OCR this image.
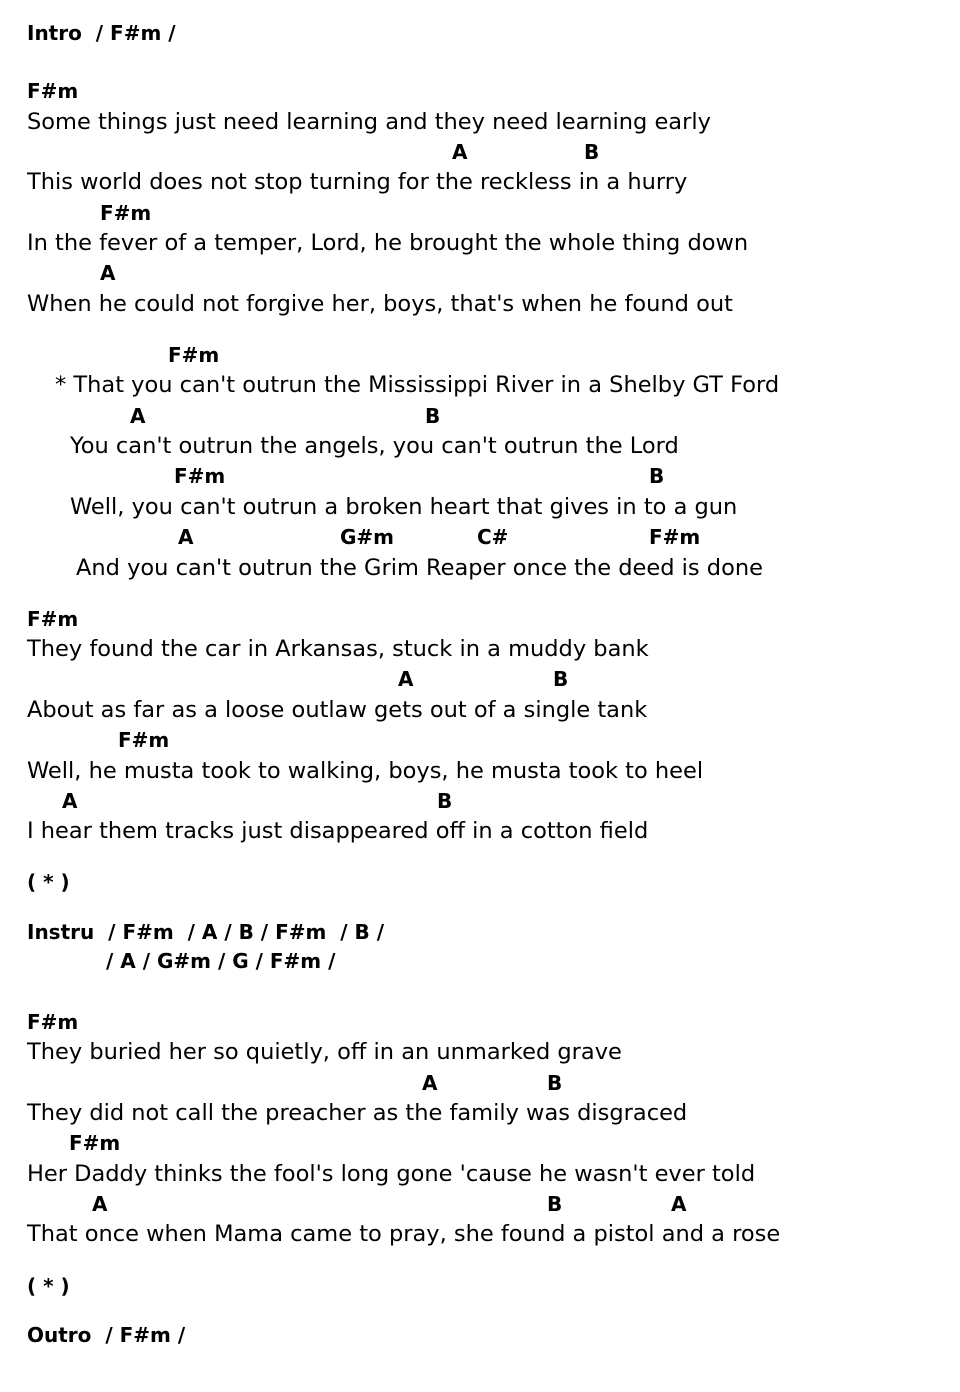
Intro  / F#m /
F#m
Some things just need learning and they need learning early
A	B
This world does not stop turning for the reckless in a hurry
F#m
In the fever of a temper, Lord, he brought the whole thing down
A
When he could not forgive her, boys, that's when he found out
F#m
* That you can't outrun the Mississippi River in a Shelby GT Ford
A	B
You can't outrun the angels, you can't outrun the Lord
F#m	B
Well, you can't outrun a broken heart that gives in to a gun
A	G#m	C#	F#m
And you can't outrun the Grim Reaper once the deed is done
F#m
They found the car in Arkansas, stuck in a muddy bank
A	B
About as far as a loose outlaw gets out of a single tank
F#m
Well, he musta took to walking, boys, he musta took to heel
A	B
I hear them tracks just disappeared off in a cotton field
( * )
Instru  / F#m  / A / B / F#m  / B /
/ A / G#m / G / F#m /
F#m
They buried her so quietly, off in an unmarked grave
A	B
They did not call the preacher as the family was disgraced
F#m
Her Daddy thinks the fool's long gone 'cause he wasn't ever told
A	B	A
That once when Mama came to pray, she found a pistol and a rose
( * )
Outro  / F#m /
